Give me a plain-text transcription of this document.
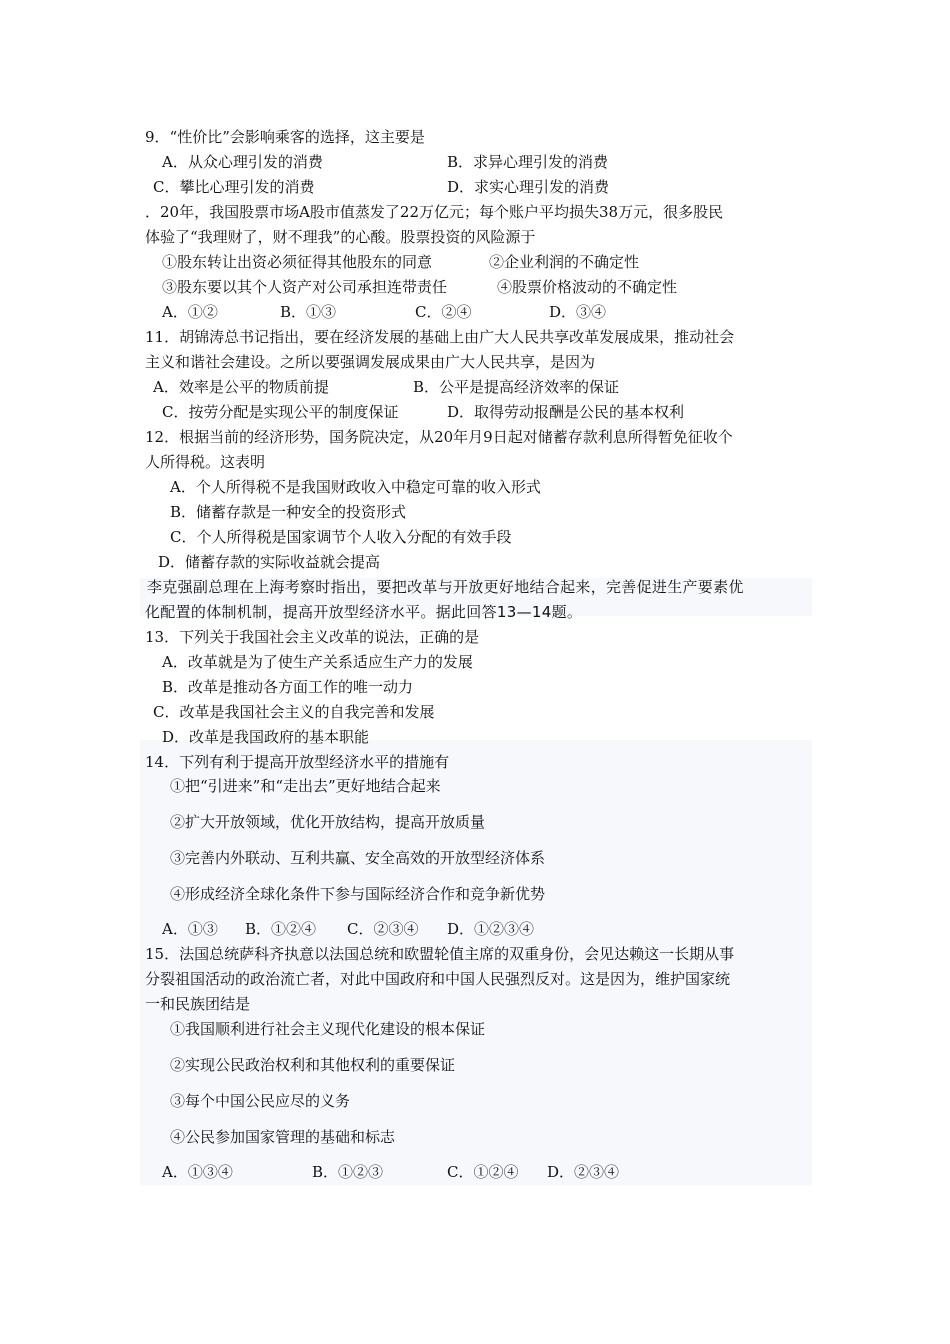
9．“性价比”会影响乘客的选择，这主要是
A．从众心理引发的消费	B．求异心理引发的消费
C．攀比心理引发的消费	D．求实心理引发的消费
．20年，我国股票市场A股市值蒸发了22万亿元；每个账户平均损失38万元，很多股民
体验了“我理财了，财不理我”的心酸。股票投资的风险源于
①股东转让出资必须征得其他股东的同意	②企业利润的不确定性
③股东要以其个人资产对公司承担连带责任	④股票价格波动的不确定性
A．①②	B．①③	C．②④	D．③④
11．胡锦涛总书记指出，要在经济发展的基础上由广大人民共享改革发展成果，推动社会
主义和谐社会建设。之所以要强调发展成果由广大人民共享，是因为
A．效率是公平的物质前提	B．公平是提高经济效率的保证
C．按劳分配是实现公平的制度保证	D．取得劳动报酬是公民的基本权利
12．根据当前的经济形势，国务院决定，从20年月9日起对储蓄存款利息所得暂免征收个
人所得税。这表明
A．个人所得税不是我国财政收入中稳定可靠的收入形式
B．储蓄存款是一种安全的投资形式
C．个人所得税是国家调节个人收入分配的有效手段
D．储蓄存款的实际收益就会提高
李克强副总理在上海考察时指出，要把改革与开放更好地结合起来，完善促进生产要素优
化配置的体制机制，提高开放型经济水平。据此回答13—14题。
13．下列关于我国社会主义改革的说法，正确的是
A．改革就是为了使生产关系适应生产力的发展
B．改革是推动各方面工作的唯一动力
C．改革是我国社会主义的自我完善和发展
D．改革是我国政府的基本职能
14．下列有利于提高开放型经济水平的措施有
①把“引进来”和“走出去”更好地结合起来
②扩大开放领域，优化开放结构，提高开放质量
③完善内外联动、互利共赢、安全高效的开放型经济体系
④形成经济全球化条件下参与国际经济合作和竞争新优势
A．①③ B．①②④ C．②③④ D．①②③④
15．法国总统萨科齐执意以法国总统和欧盟轮值主席的双重身份，会见达赖这一长期从事
分裂祖国活动的政治流亡者，对此中国政府和中国人民强烈反对。这是因为，维护国家统
一和民族团结是
①我国顺利进行社会主义现代化建设的根本保证
②实现公民政治权利和其他权利的重要保证
③每个中国公民应尽的义务
④公民参加国家管理的基础和标志
A．①③④	B．①②③	C．①②④ D．②③④
